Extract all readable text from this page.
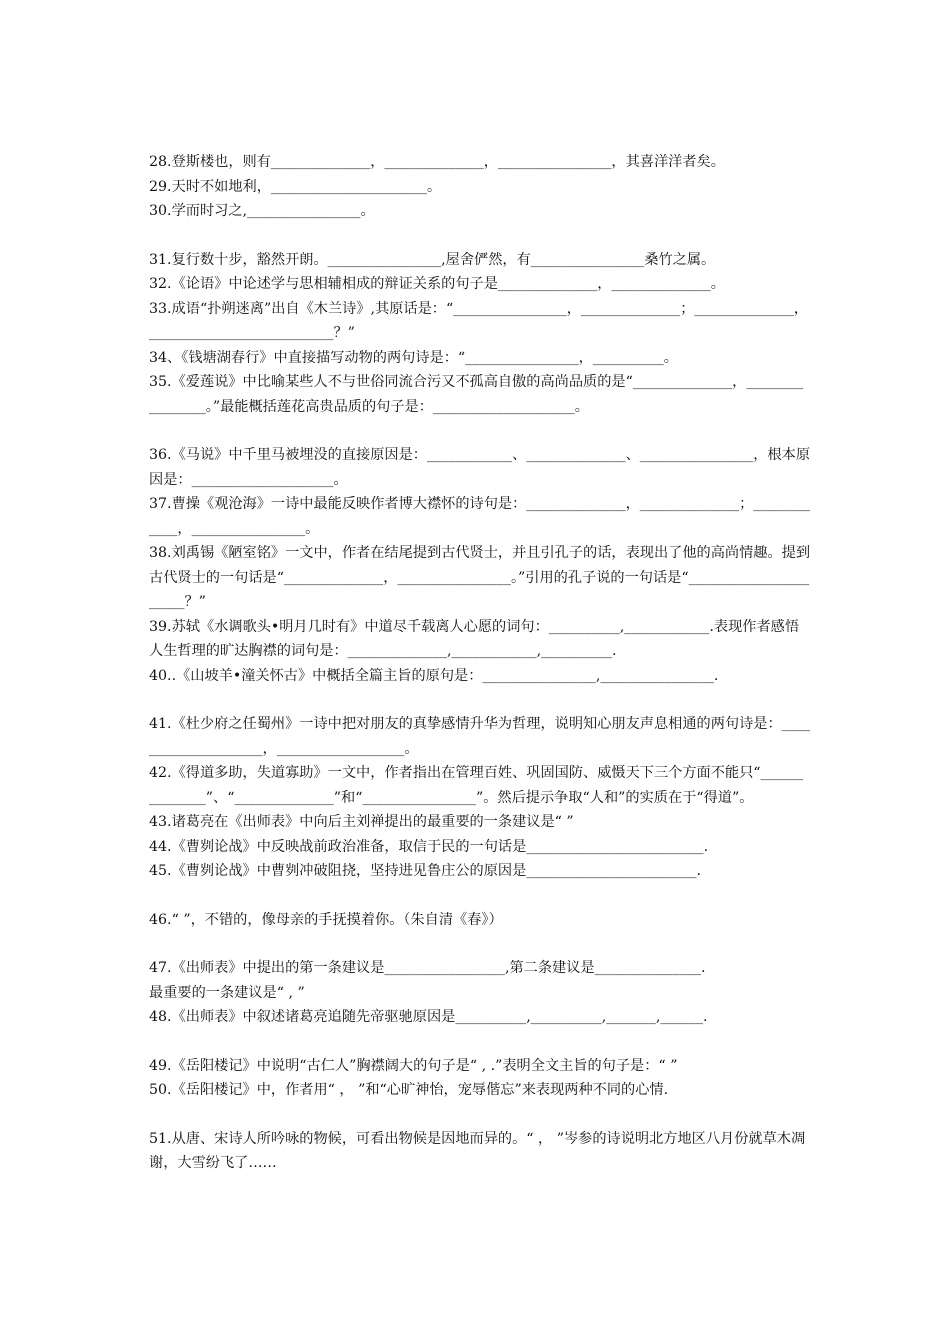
28.登斯楼也，则有______________，______________，________________，其喜洋洋者矣。

29.天时不如地利，______________________。

30.学而时习之,________________。

31.复行数十步，豁然开朗。________________,屋舍俨然，有________________桑竹之属。

32.《论语》中论述学与思相辅相成的辩证关系的句子是______________，______________。

33.成语“扑朔迷离”出自《木兰诗》,其原话是：“________________，______________；______________，__________________________？”

34、《钱塘湖春行》中直接描写动物的两句诗是：“________________，__________。

35.《爱莲说》中比喻某些人不与世俗同流合污又不孤高自傲的高尚品质的是“______________，________________。”最能概括莲花高贵品质的句子是：____________________。

36.《马说》中千里马被埋没的直接原因是：____________、______________、________________，根本原因是：____________________。

37.曹操《观沧海》一诗中最能反映作者博大襟怀的诗句是：______________，______________；____________，________________。

38.刘禹锡《陋室铭》一文中，作者在结尾提到古代贤士，并且引孔子的话，表现出了他的高尚情趣。提到古代贤士的一句话是“______________，________________。”引用的孔子说的一句话是“______________________？”

39.苏轼《水调歌头•明月几时有》中道尽千载离人心愿的词句：__________,____________.表现作者感悟人生哲理的旷达胸襟的词句是：______________,____________,__________.

40..《山坡羊•潼关怀古》中概括全篇主旨的原句是：________________,________________.

41.《杜少府之任蜀州》一诗中把对朋友的真挚感情升华为哲理，说明知心朋友声息相通的两句诗是：____________________，__________________。

42.《得道多助，失道寡助》一文中，作者指出在管理百姓、巩固国防、威慑天下三个方面不能只“______________”、“______________”和“________________”。然后提示争取“人和”的实质在于“得道”。

43.诸葛亮在《出师表》中向后主刘禅提出的最重要的一条建议是“ ”

44.《曹刿论战》中反映战前政治准备，取信于民的一句话是_________________________.

45.《曹刿论战》中曹刿冲破阻挠，坚持进见鲁庄公的原因是________________________.

46.“ ”，不错的，像母亲的手抚摸着你。（朱自清《春》）

47.《出师表》中提出的第一条建议是_________________,第二条建议是_______________.

最重要的一条建议是“ , ”

48.《出师表》中叙述诸葛亮追随先帝驱驰原因是__________,__________,_______,______.

49.《岳阳楼记》中说明“古仁人”胸襟阔大的句子是“ , .”表明全文主旨的句子是：“ ”

50.《岳阳楼记》中，作者用“ ， ”和“心旷神怡，宠辱偕忘”来表现两种不同的心情.

51.从唐、宋诗人所吟咏的物候，可看出物候是因地而异的。“ ， ”岑参的诗说明北方地区八月份就草木凋谢，大雪纷飞了……
